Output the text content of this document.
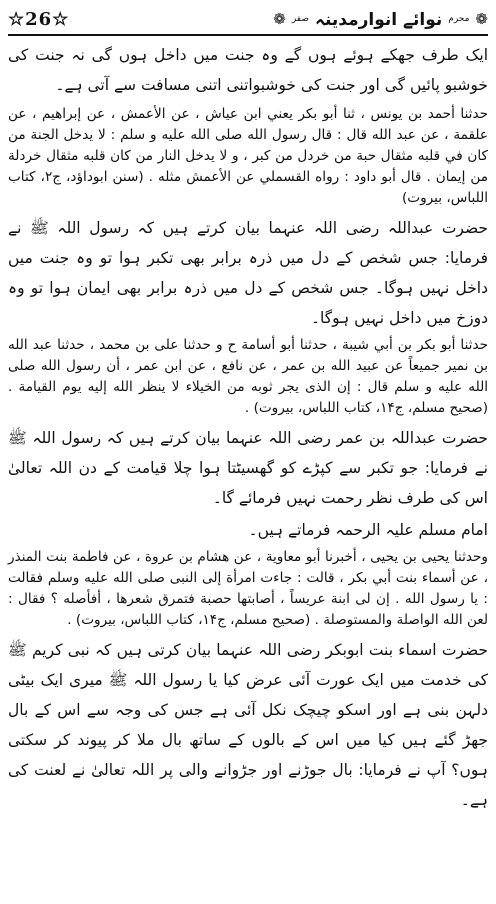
☆26☆	❁
محرم
نوائے انوارمدینہ
صفر
❁

ایک طرف جھکے ہوئے ہوں گے وہ جنت میں داخل ہوں گی نہ جنت کی خوشبو پائیں گی اور جنت کی خوشبواتنی اتنی مسافت سے آتی ہے۔

حدثنا أحمد بن يونس ، ثنا أبو بكر يعني ابن عياش ، عن الأعمش ، عن إبراهيم ، عن علقمة ، عن عبد الله قال : قال رسول الله صلى الله عليه و سلم : لا يدخل الجنة من كان في قلبه مثقال حبة من خردل من كبر ، و لا يدخل النار من كان قلبه مثقال خردلة من إيمان . قال أبو داود : رواه القسملي عن الأعمش مثله . (سنن ابوداؤد، ج۲، کتاب اللباس، بیروت)

حضرت عبداللہ رضی اللہ عنہما بیان کرتے ہیں کہ رسول اللہ ﷺ نے فرمایا: جس شخص کے دل میں ذرہ برابر بھی تکبر ہوا تو وہ جنت میں داخل نہیں ہوگا۔ جس شخص کے دل میں ذرہ برابر بھی ایمان ہوا تو وہ دوزخ میں داخل نہیں ہوگا۔

حدثنا أبو بكر بن أبي شيبة ، حدثنا أبو أسامة ح و حدثنا على بن محمد ، حدثنا عبد الله بن نمير جميعاً عن عبيد الله بن عمر ، عن نافع ، عن ابن عمر ، أن رسول الله صلى الله عليه و سلم قال : إن الذى يجر ثوبه من الخيلاء لا ينظر الله إليه يوم القيامة . (صحيح مسلم، ج۱۴، كتاب اللباس، بيروت) .

حضرت عبداللہ بن عمر رضی اللہ عنہما بیان کرتے ہیں کہ رسول اللہ ﷺ نے فرمایا: جو تکبر سے کپڑے کو گھسیٹتا ہوا چلا قیامت کے دن اللہ تعالیٰ اس کی طرف نظر رحمت نہیں فرمائے گا۔

امام مسلم علیہ الرحمہ فرماتے ہیں۔

وحدثنا يحيى بن يحيى ، أخبرنا أبو معاوية ، عن هشام بن عروة ، عن فاطمة بنت المنذر ، عن أسماء بنت أبي بكر ، قالت : جاءت امرأة إلى النبى صلى الله عليه وسلم فقالت : يا رسول الله . إن لى ابنة عريساً ، أصابتها حصبة فتمرق شعرها ، أفأصله ؟ فقال : لعن الله الواصلة والمستوصلة . (صحيح مسلم، ج۱۴، كتاب اللباس، بيروت) .

حضرت اسماء بنت ابوبکر رضی اللہ عنہما بیان کرتی ہیں کہ نبی کریم ﷺ کی خدمت میں ایک عورت آئی عرض کیا یا رسول اللہ ﷺ میری ایک بیٹی دلہن بنی ہے اور اسکو چیچک نکل آئی ہے جس کی وجہ سے اس کے بال جھڑ گئے ہیں کیا میں اس کے بالوں کے ساتھ بال ملا کر پیوند کر سکتی ہوں؟ آپ نے فرمایا: بال جوڑنے اور جڑوانے والی پر اللہ تعالیٰ نے لعنت کی ہے۔
